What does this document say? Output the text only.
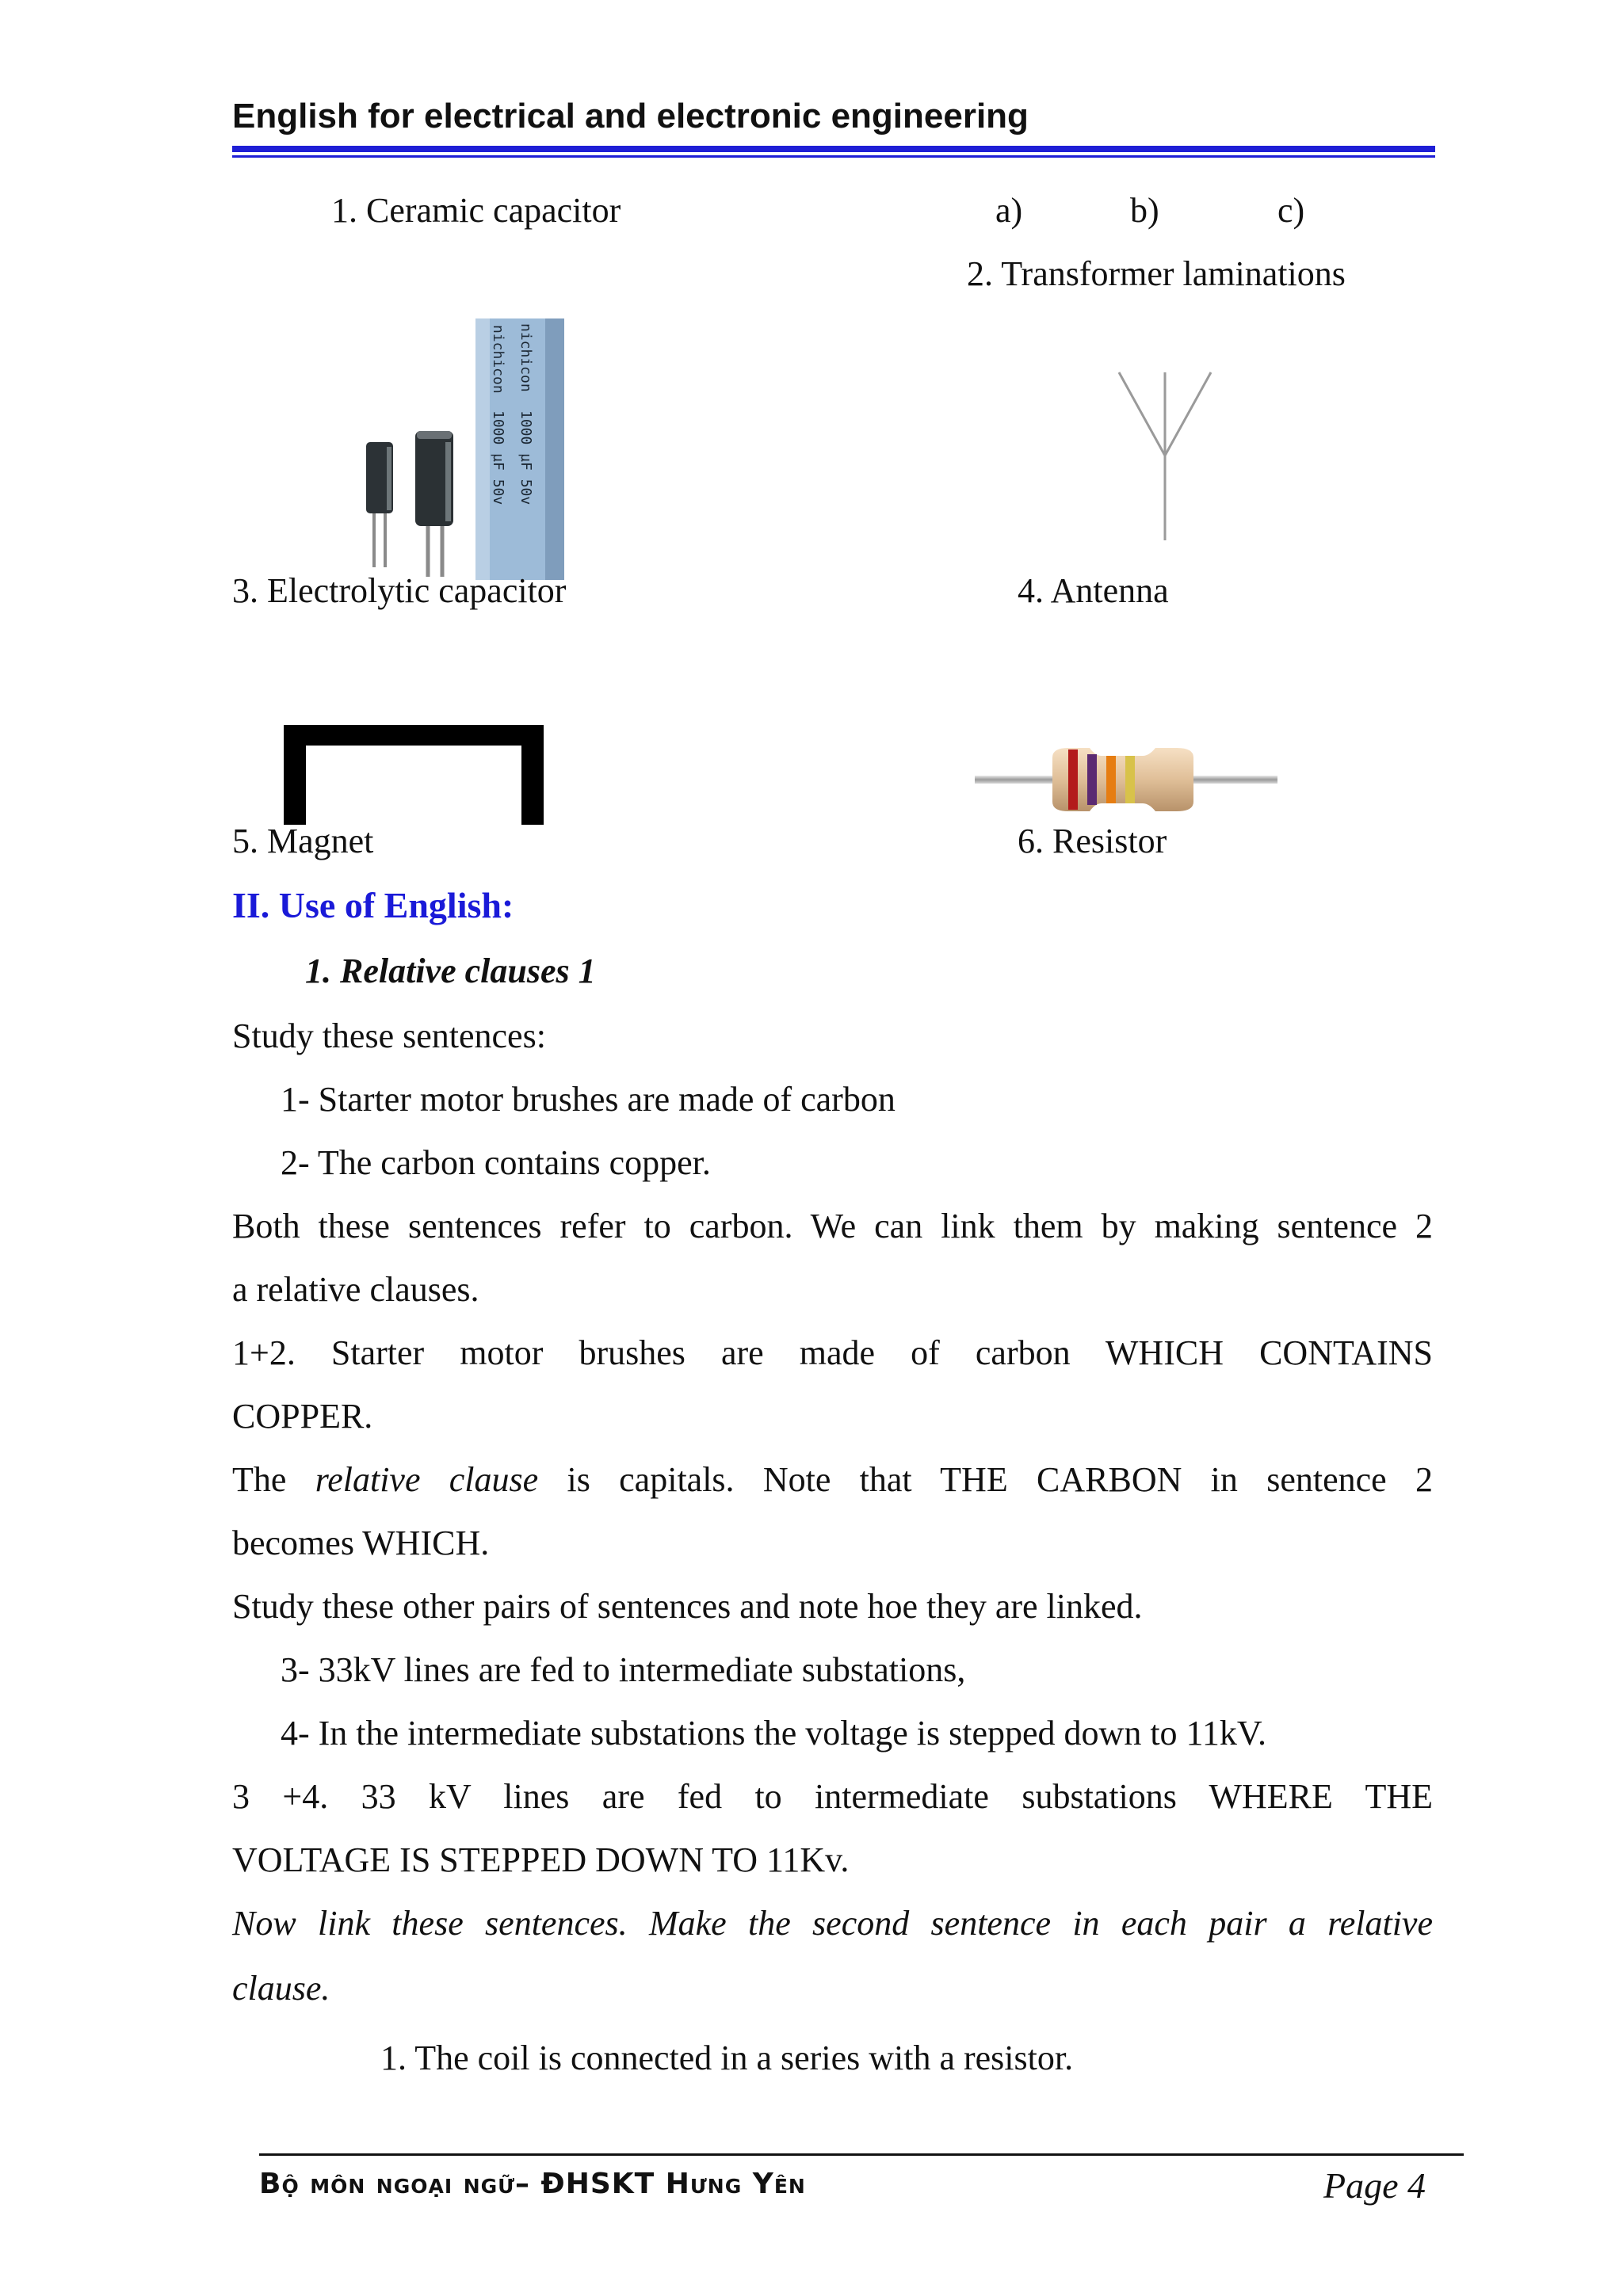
English for electrical and electronic engineering
1. Ceramic capacitor	a)	b)	c)
2. Transformer laminations
nichicon
1000 µF 50v
nichicon
1000 µF 50v
3. Electrolytic capacitor	4. Antenna
5. Magnet	6. Resistor
II. Use of English:
1. Relative clauses 1
Study these sentences:
1- Starter motor brushes are made of carbon
2- The carbon contains copper.
Both these sentences refer to carbon. We can link them by making sentence 2
a relative clauses.
1+2. Starter motor brushes are made of carbon WHICH CONTAINS
COPPER.
The relative clause is capitals. Note that THE CARBON in sentence 2
becomes WHICH.
Study these other pairs of sentences and note hoe they are linked.
3- 33kV lines are fed to intermediate substations,
4- In the intermediate substations the voltage is stepped down to 11kV.
3 +4. 33 kV lines are fed to intermediate substations WHERE THE
VOLTAGE IS STEPPED DOWN TO 11Kv.
Now link these sentences. Make the second sentence in each pair a relative
clause.
1. The coil is connected in a series with a resistor.
Bộ môn ngoại ngữ– ĐHSKT Hưng Yên	Page 4
